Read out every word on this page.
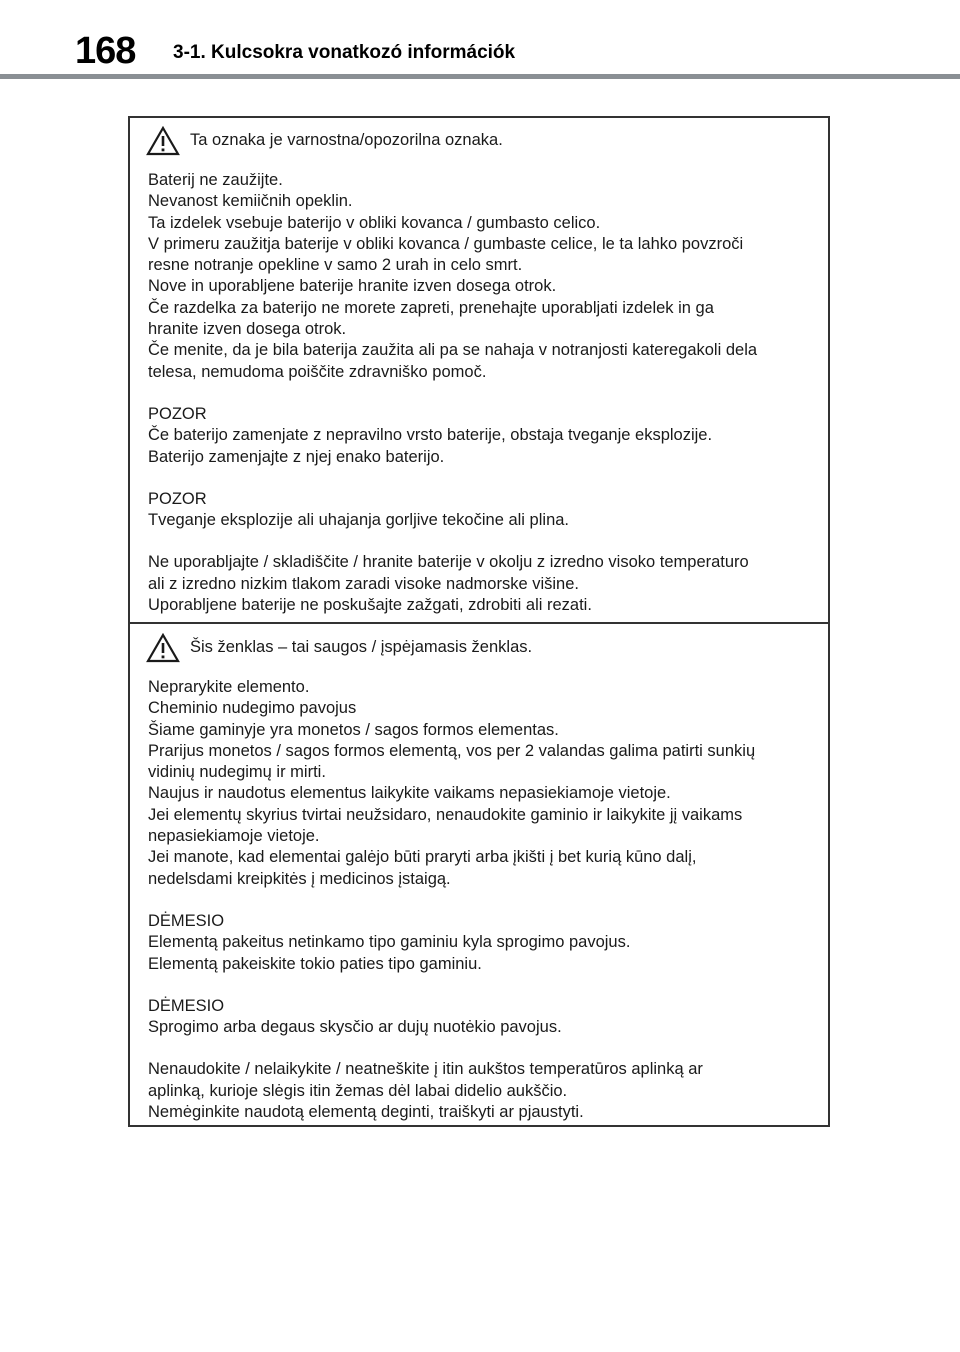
168 3-1. Kulcsokra vonatkozó információk
Ta oznaka je varnostna/opozorilna oznaka.
Baterij ne zaužijte.
Nevanost kemiičnih opeklin.
Ta izdelek vsebuje baterijo v obliki kovanca / gumbasto celico.
V primeru zaužitja baterije v obliki kovanca / gumbaste celice, le ta lahko povzroči
resne notranje opekline v samo 2 urah in celo smrt.
Nove in uporabljene baterije hranite izven dosega otrok.
Če razdelka za baterijo ne morete zapreti, prenehajte uporabljati izdelek in ga
hranite izven dosega otrok.
Če menite, da je bila baterija zaužita ali pa se nahaja v notranjosti kateregakoli dela
telesa, nemudoma poiščite zdravniško pomoč.
POZOR
Če baterijo zamenjate z nepravilno vrsto baterije, obstaja tveganje eksplozije.
Baterijo zamenjajte z njej enako baterijo.
POZOR
Tveganje eksplozije ali uhajanja gorljive tekočine ali plina.
Ne uporabljajte / skladiščite / hranite baterije v okolju z izredno visoko temperaturo
ali z izredno nizkim tlakom zaradi visoke nadmorske višine.
Uporabljene baterije ne poskušajte zažgati, zdrobiti ali rezati.
Šis ženklas – tai saugos / įspėjamasis ženklas.
Neprarykite elemento.
Cheminio nudegimo pavojus
Šiame gaminyje yra monetos / sagos formos elementas.
Prarijus monetos / sagos formos elementą, vos per 2 valandas galima patirti sunkių
vidinių nudegimų ir mirti.
Naujus ir naudotus elementus laikykite vaikams nepasiekiamoje vietoje.
Jei elementų skyrius tvirtai neužsidaro, nenaudokite gaminio ir laikykite jį vaikams
nepasiekiamoje vietoje.
Jei manote, kad elementai galėjo būti praryti arba įkišti į bet kurią kūno dalį,
nedelsdami kreipkitės į medicinos įstaigą.
DĖMESIO
Elementą pakeitus netinkamo tipo gaminiu kyla sprogimo pavojus.
Elementą pakeiskite tokio paties tipo gaminiu.
DĖMESIO
Sprogimo arba degaus skysčio ar dujų nuotėkio pavojus.
Nenaudokite / nelaikykite / neatneškite į itin aukštos temperatūros aplinką ar
aplinką, kurioje slėgis itin žemas dėl labai didelio aukščio.
Nemėginkite naudotą elementą deginti, traiškyti ar pjaustyti.
